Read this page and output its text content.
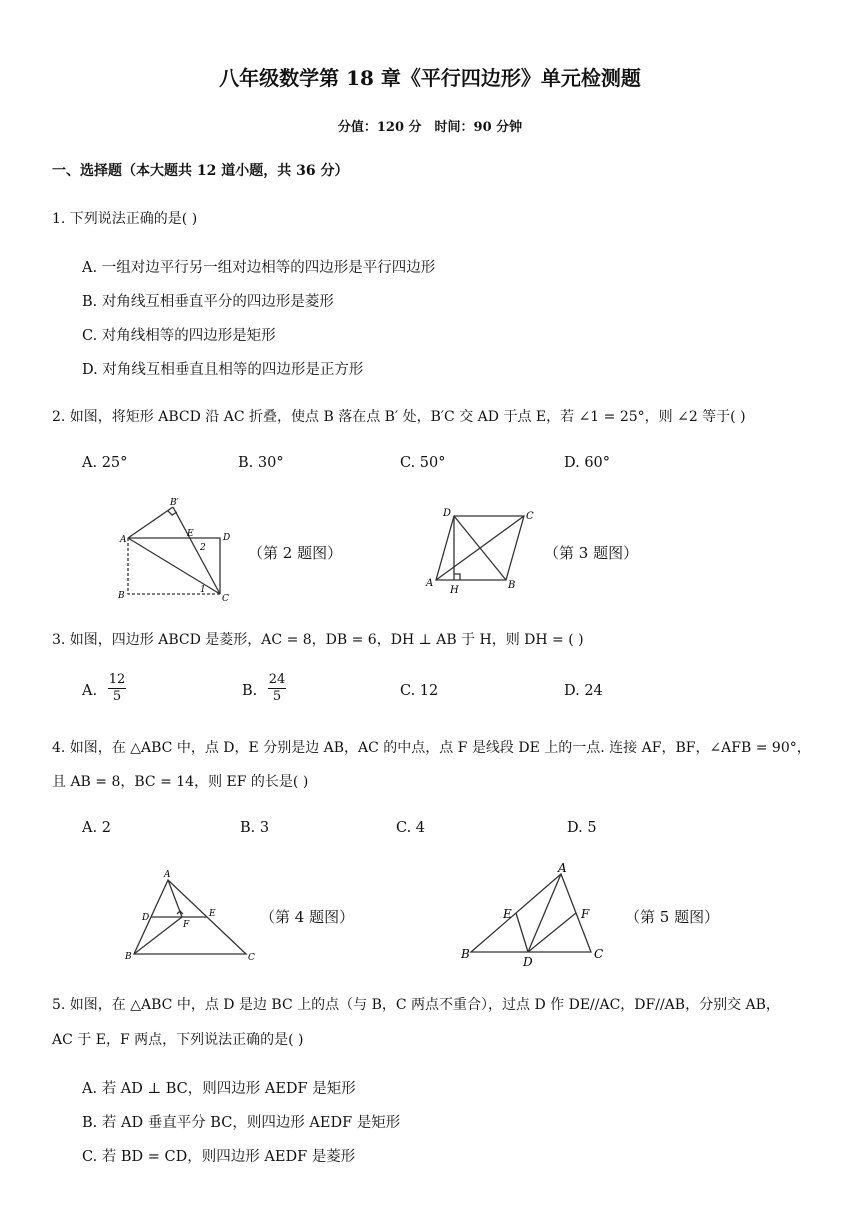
八年级数学第 18 章《平行四边形》单元检测题
分值：120 分　时间：90 分钟
一、选择题（本大题共 12 道小题，共 36 分）
1. 下列说法正确的是( )
A. 一组对边平行另一组对边相等的四边形是平行四边形
B. 对角线互相垂直平分的四边形是菱形
C. 对角线相等的四边形是矩形
D. 对角线互相垂直且相等的四边形是正方形
2. 如图，将矩形 ABCD 沿 AC 折叠，使点 B 落在点 B′ 处，B′C 交 AD 于点 E，若 ∠1 = 25°，则 ∠2 等于( )
A. 25°	B. 30°	C. 50°	D. 60°
A
B′
E	D
2
B
1
C
（第 2 题图）
D	C
A
H	B
（第 3 题图）
3. 如图，四边形 ABCD 是菱形，AC = 8，DB = 6，DH ⊥ AB 于 H，则 DH = ( )
A. $\frac{12}{5}$	B. $\frac{24}{5}$	C. 12	D. 24
4. 如图，在 △ABC 中，点 D，E 分别是边 AB，AC 的中点，点 F 是线段 DE 上的一点. 连接 AF，BF，∠AFB = 90°，
且 AB = 8，BC = 14，则 EF 的长是( )
A. 2	B. 3	C. 4	D. 5
A
D	E
F
B	C
（第 4 题图）
A
E	F
B
D
C
（第 5 题图）
5. 如图，在 △ABC 中，点 D 是边 BC 上的点（与 B，C 两点不重合），过点 D 作 DE//AC，DF//AB，分别交 AB，
AC 于 E，F 两点，下列说法正确的是( )
A. 若 AD ⊥ BC，则四边形 AEDF 是矩形
B. 若 AD 垂直平分 BC，则四边形 AEDF 是矩形
C. 若 BD = CD，则四边形 AEDF 是菱形
